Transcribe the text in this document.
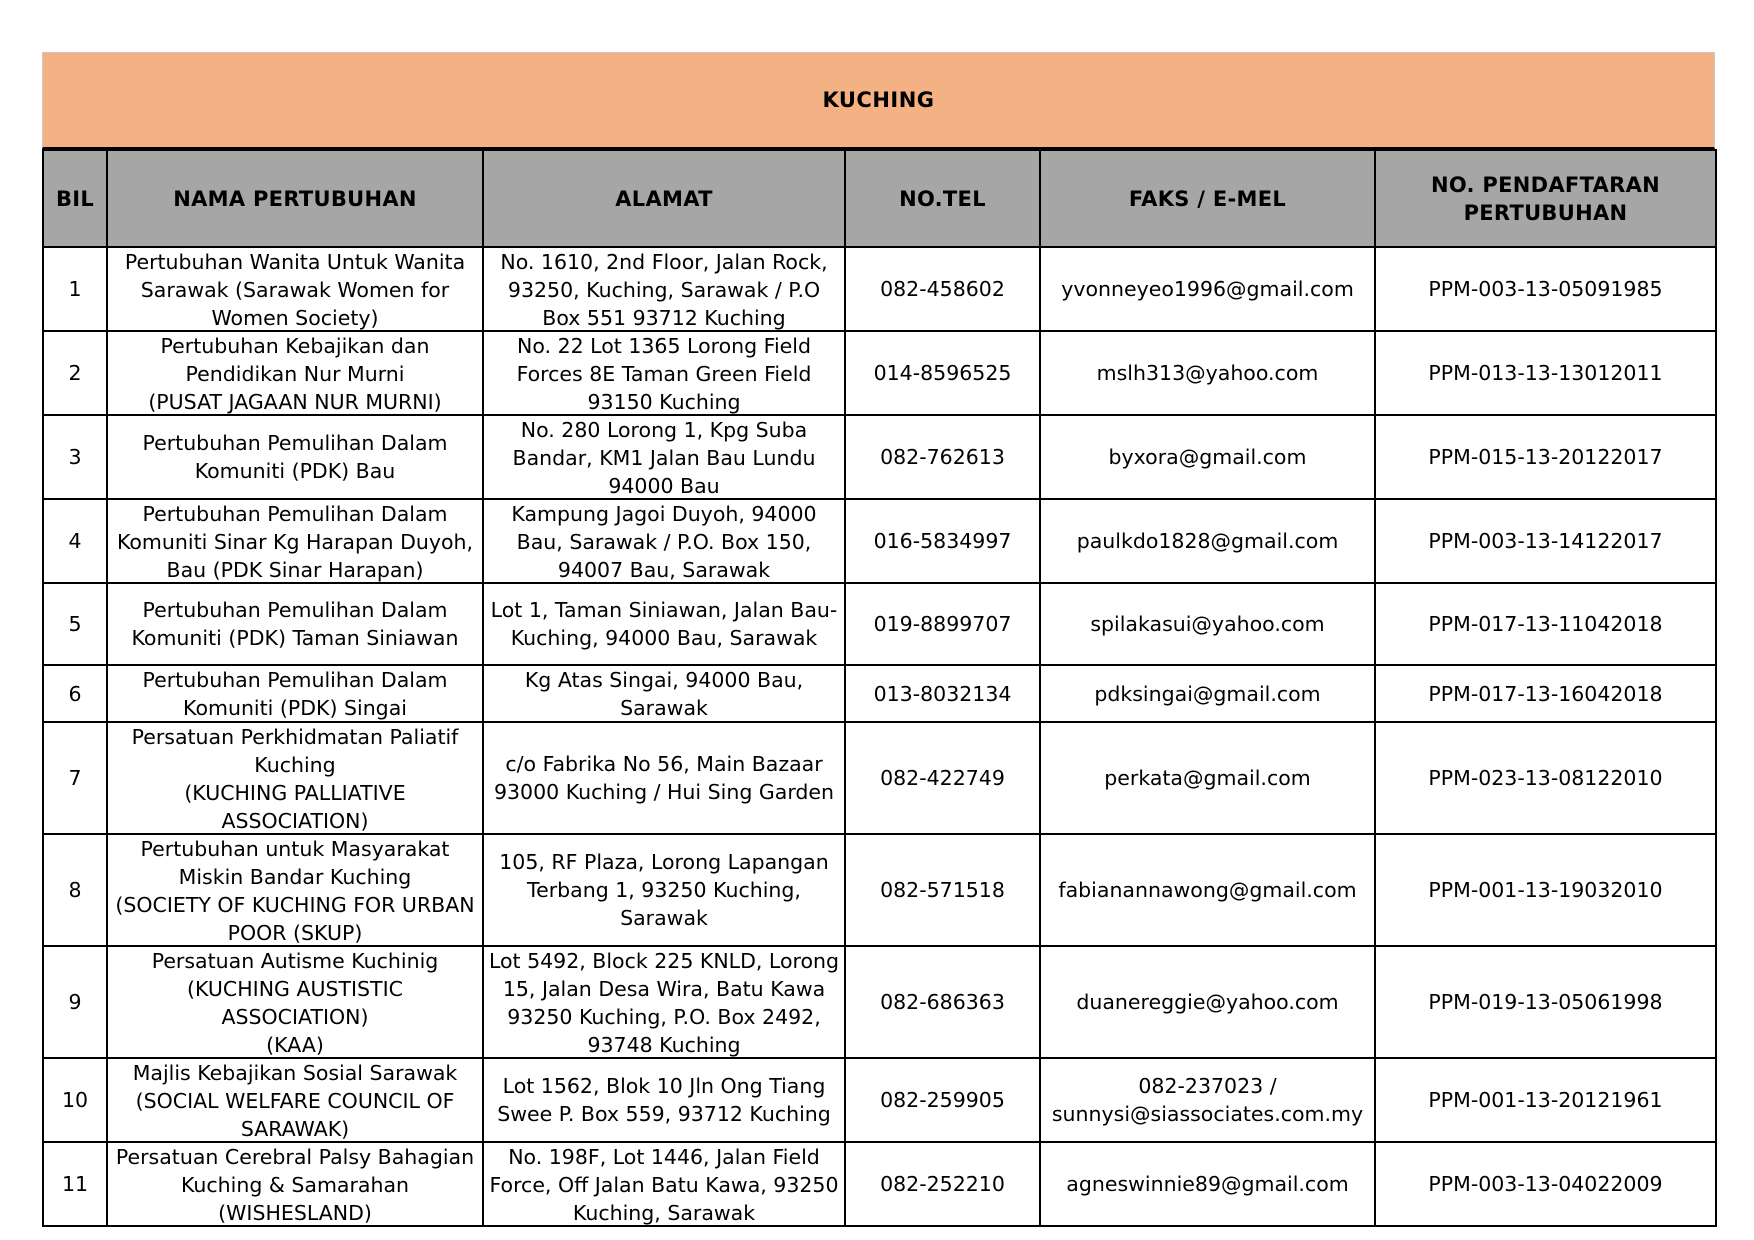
KUCHING
BIL	NAMA PERTUBUHAN	ALAMAT	NO.TEL	FAKS / E-MEL	NO. PENDAFTARAN
PERTUBUHAN

1	Pertubuhan Wanita Untuk Wanita Sarawak (Sarawak Women for Women Society)	No. 1610, 2nd Floor, Jalan Rock, 93250, Kuching, Sarawak / P.O Box 551 93712 Kuching	082-458602	yvonneyeo1996@gmail.com	PPM-003-13-05091985

2	Pertubuhan Kebajikan dan Pendidikan Nur Murni
(PUSAT JAGAAN NUR MURNI)	No. 22 Lot 1365 Lorong Field Forces 8E Taman Green Field 93150 Kuching	014-8596525	mslh313@yahoo.com	PPM-013-13-13012011

3	Pertubuhan Pemulihan Dalam Komuniti (PDK) Bau	No. 280 Lorong 1, Kpg Suba Bandar, KM1 Jalan Bau Lundu 94000 Bau	082-762613	byxora@gmail.com	PPM-015-13-20122017

4	Pertubuhan Pemulihan Dalam Komuniti Sinar Kg Harapan Duyoh, Bau (PDK Sinar Harapan)	Kampung Jagoi Duyoh, 94000 Bau, Sarawak / P.O. Box 150, 94007 Bau, Sarawak	016-5834997	paulkdo1828@gmail.com	PPM-003-13-14122017

5	Pertubuhan Pemulihan Dalam Komuniti (PDK) Taman Siniawan	Lot 1, Taman Siniawan, Jalan Bau-Kuching, 94000 Bau, Sarawak	019-8899707	spilakasui@yahoo.com	PPM-017-13-11042018

6	Pertubuhan Pemulihan Dalam Komuniti (PDK) Singai	Kg Atas Singai, 94000 Bau, Sarawak	013-8032134	pdksingai@gmail.com	PPM-017-13-16042018

7	Persatuan Perkhidmatan Paliatif Kuching
(KUCHING PALLIATIVE ASSOCIATION)	c/o Fabrika No 56, Main Bazaar 93000 Kuching / Hui Sing Garden	082-422749	perkata@gmail.com	PPM-023-13-08122010

8	Pertubuhan untuk Masyarakat Miskin Bandar Kuching
(SOCIETY OF KUCHING FOR URBAN POOR (SKUP)	105, RF Plaza, Lorong Lapangan Terbang 1, 93250 Kuching, Sarawak	082-571518	fabianannawong@gmail.com	PPM-001-13-19032010

9	Persatuan Autisme Kuchinig
(KUCHING AUSTISTIC ASSOCIATION)
(KAA)	Lot 5492, Block 225 KNLD, Lorong 15, Jalan Desa Wira, Batu Kawa 93250 Kuching, P.O. Box 2492, 93748 Kuching	082-686363	duanereggie@yahoo.com	PPM-019-13-05061998

10	Majlis Kebajikan Sosial Sarawak
(SOCIAL WELFARE COUNCIL OF SARAWAK)	Lot 1562, Blok 10 Jln Ong Tiang Swee P. Box 559, 93712 Kuching	082-259905	082-237023 /
sunnysi@siassociates.com.my	PPM-001-13-20121961

11	Persatuan Cerebral Palsy Bahagian Kuching & Samarahan
(WISHESLAND)	No. 198F, Lot 1446, Jalan Field Force, Off Jalan Batu Kawa, 93250 Kuching, Sarawak	082-252210	agneswinnie89@gmail.com	PPM-003-13-04022009
